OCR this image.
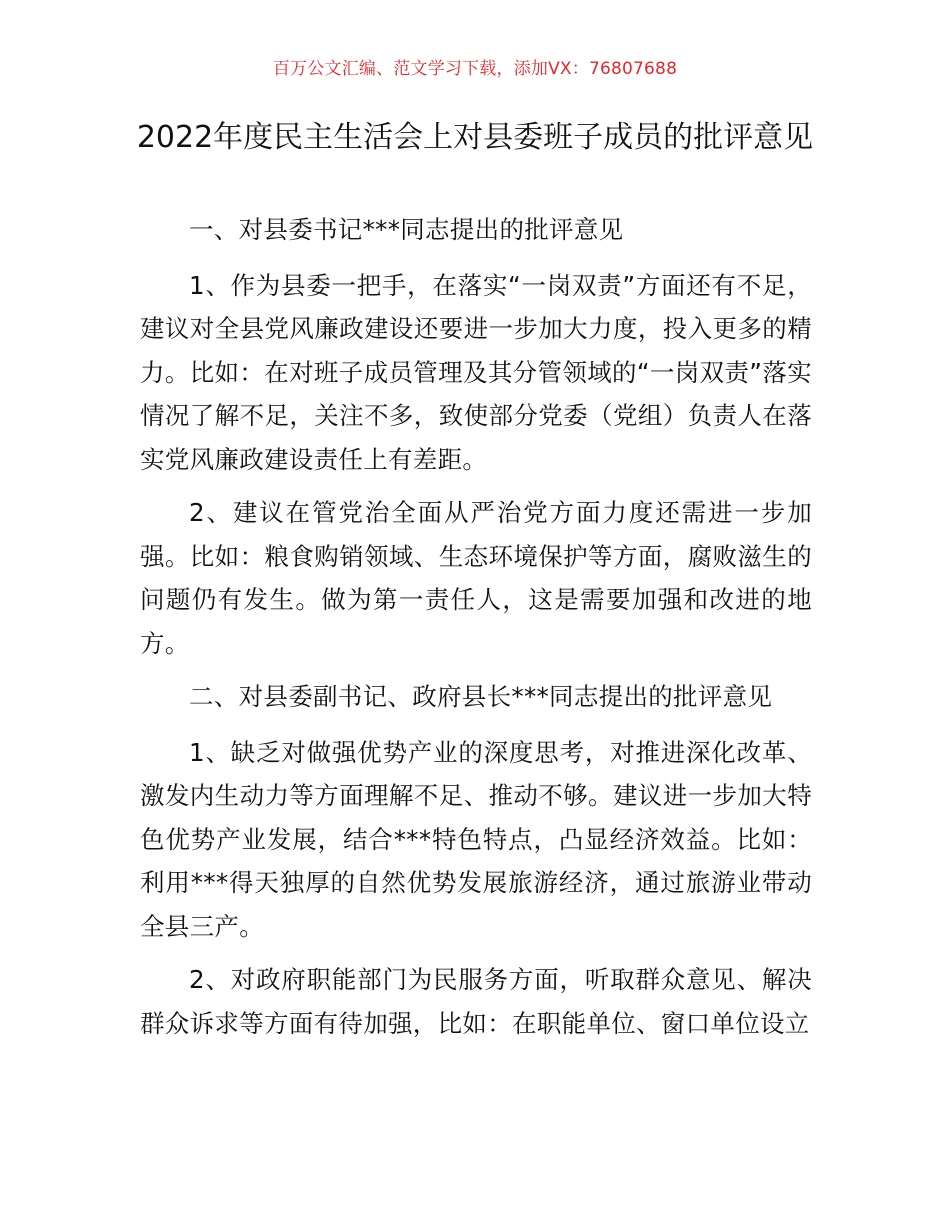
百万公文汇编、范文学习下载，添加VX：76807688
2022年度民主生活会上对县委班子成员的批评意见

一、对县委书记***同志提出的批评意见

1、作为县委一把手，在落实“一岗双责”方面还有不足，建议对全县党风廉政建设还要进一步加大力度，投入更多的精力。比如：在对班子成员管理及其分管领域的“一岗双责”落实情况了解不足，关注不多，致使部分党委（党组）负责人在落实党风廉政建设责任上有差距。

2、建议在管党治全面从严治党方面力度还需进一步加强。比如：粮食购销领域、生态环境保护等方面，腐败滋生的问题仍有发生。做为第一责任人，这是需要加强和改进的地方。

二、对县委副书记、政府县长***同志提出的批评意见

1、缺乏对做强优势产业的深度思考，对推进深化改革、激发内生动力等方面理解不足、推动不够。建议进一步加大特色优势产业发展，结合***特色特点，凸显经济效益。比如：利用***得天独厚的自然优势发展旅游经济，通过旅游业带动全县三产。

2、对政府职能部门为民服务方面，听取群众意见、解决群众诉求等方面有待加强，比如：在职能单位、窗口单位设立
